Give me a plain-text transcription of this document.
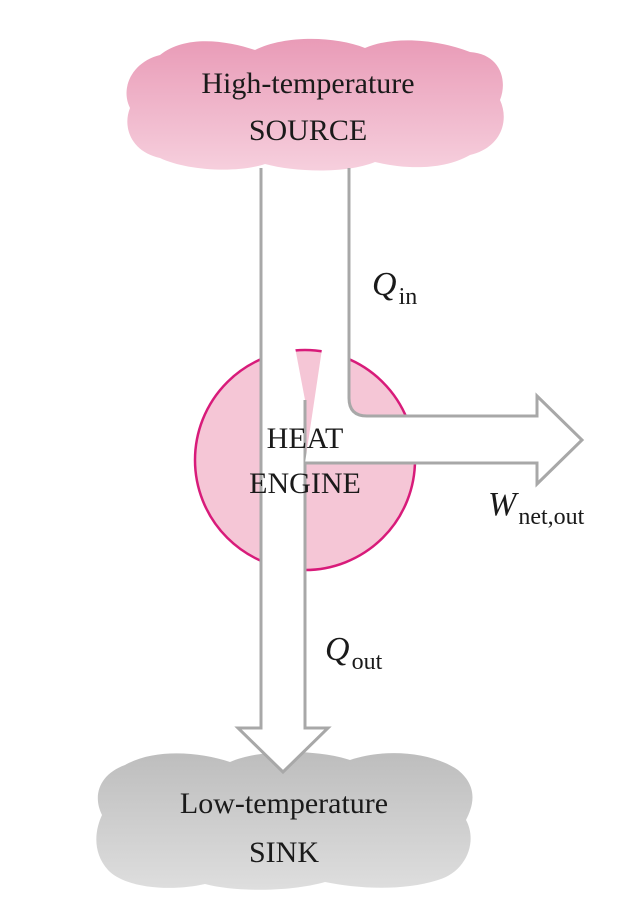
High-temperature
SOURCE
$Q_{in}$
HEAT
ENGINE
$W_{net,out}$
$Q_{out}$
Low-temperature
SINK
